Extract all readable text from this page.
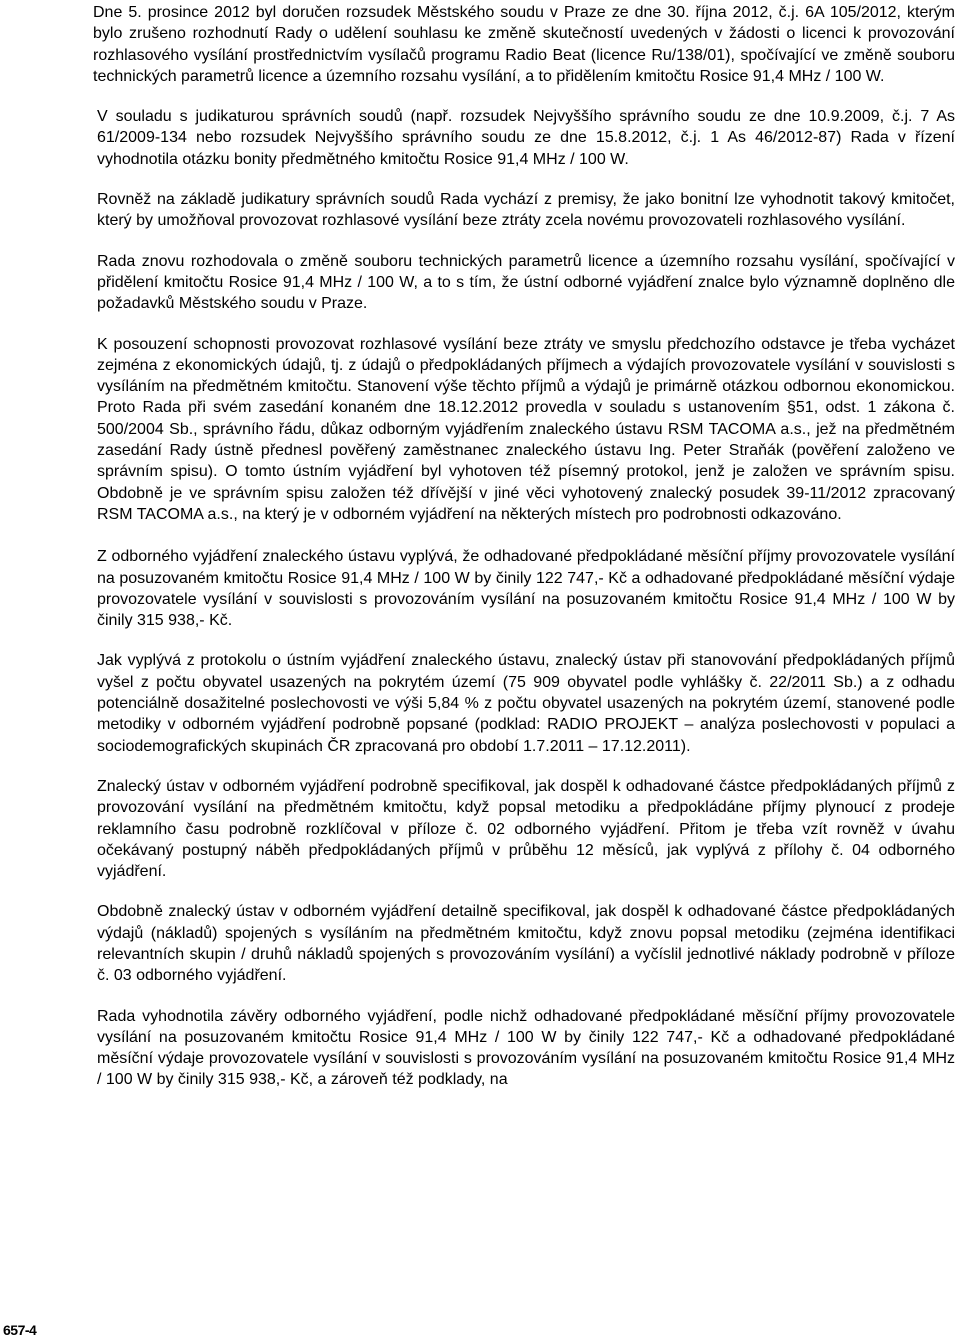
Dne 5. prosince 2012 byl doručen rozsudek Městského soudu v Praze ze dne 30. října 2012, č.j. 6A 105/2012, kterým bylo zrušeno rozhodnutí Rady o udělení souhlasu ke změně skutečností uvedených v žádosti o licenci k provozování rozhlasového vysílání prostřednictvím vysílačů programu Radio Beat (licence Ru/138/01), spočívající ve změně souboru technických parametrů licence a územního rozsahu vysílání, a to přidělením kmitočtu Rosice 91,4 MHz / 100 W.

V souladu s judikaturou správních soudů (např. rozsudek Nejvyššího správního soudu ze dne 10.9.2009, č.j. 7 As 61/2009-134 nebo rozsudek Nejvyššího správního soudu ze dne 15.8.2012, č.j. 1 As 46/2012-87) Rada v řízení vyhodnotila otázku bonity předmětného kmitočtu Rosice 91,4 MHz / 100 W.

Rovněž na základě judikatury správních soudů Rada vychází z premisy, že jako bonitní lze vyhodnotit takový kmitočet, který by umožňoval provozovat rozhlasové vysílání beze ztráty zcela novému provozovateli rozhlasového vysílání.

Rada znovu rozhodovala o změně souboru technických parametrů licence a územního rozsahu vysílání, spočívající v přidělení kmitočtu Rosice 91,4 MHz / 100 W, a to s tím, že ústní odborné vyjádření znalce bylo významně doplněno dle požadavků Městského soudu v Praze.

K posouzení schopnosti provozovat rozhlasové vysílání beze ztráty ve smyslu předchozího odstavce je třeba vycházet zejména z ekonomických údajů, tj. z údajů o předpokládaných příjmech a výdajích provozovatele vysílání v souvislosti s vysíláním na předmětném kmitočtu. Stanovení výše těchto příjmů a výdajů je primárně otázkou odbornou ekonomickou. Proto Rada při svém zasedání konaném dne 18.12.2012 provedla v souladu s ustanovením §51, odst. 1 zákona č. 500/2004 Sb., správního řádu, důkaz odborným vyjádřením znaleckého ústavu RSM TACOMA a.s., jež na předmětném zasedání Rady ústně přednesl pověřený zaměstnanec znaleckého ústavu Ing. Peter Straňák (pověření založeno ve správním spisu). O tomto ústním vyjádření byl vyhotoven též písemný protokol, jenž je založen ve správním spisu. Obdobně je ve správním spisu založen též dřívější v jiné věci vyhotovený znalecký posudek 39-11/2012 zpracovaný RSM TACOMA a.s., na který je v odborném vyjádření na některých místech pro podrobnosti odkazováno.

Z odborného vyjádření znaleckého ústavu vyplývá, že odhadované předpokládané měsíční příjmy provozovatele vysílání na posuzovaném kmitočtu Rosice 91,4 MHz / 100 W by činily 122 747,- Kč a odhadované předpokládané měsíční výdaje provozovatele vysílání v souvislosti s provozováním vysílání na posuzovaném kmitočtu Rosice 91,4 MHz / 100 W by činily 315 938,- Kč.

Jak vyplývá z protokolu o ústním vyjádření znaleckého ústavu, znalecký ústav při stanovování předpokládaných příjmů vyšel z počtu obyvatel usazených na pokrytém území (75 909 obyvatel podle vyhlášky č. 22/2011 Sb.) a z odhadu potenciálně dosažitelné poslechovosti ve výši 5,84 % z počtu obyvatel usazených na pokrytém území, stanovené podle metodiky v odborném vyjádření podrobně popsané (podklad: RADIO PROJEKT – analýza poslechovosti v populaci a sociodemografických skupinách ČR zpracovaná pro období 1.7.2011 – 17.12.2011).

Znalecký ústav v odborném vyjádření podrobně specifikoval, jak dospěl k odhadované částce předpokládaných příjmů z provozování vysílání na předmětném kmitočtu, když popsal metodiku a předpokládáne příjmy plynoucí z prodeje reklamního času podrobně rozklíčoval v příloze č. 02 odborného vyjádření. Přitom je třeba vzít rovněž v úvahu očekávaný postupný náběh předpokládaných příjmů v průběhu 12 měsíců, jak vyplývá z přílohy č. 04 odborného vyjádření.

Obdobně znalecký ústav v odborném vyjádření detailně specifikoval, jak dospěl k odhadované částce předpokládaných výdajů (nákladů) spojených s vysíláním na předmětném kmitočtu, když znovu popsal metodiku (zejména identifikaci relevantních skupin / druhů nákladů spojených s provozováním vysílání) a vyčíslil jednotlivé náklady podrobně v příloze č. 03 odborného vyjádření.

Rada vyhodnotila závěry odborného vyjádření, podle nichž odhadované předpokládané měsíční příjmy provozovatele vysílání na posuzovaném kmitočtu Rosice 91,4 MHz / 100 W by činily 122 747,- Kč a odhadované předpokládané měsíční výdaje provozovatele vysílání v souvislosti s provozováním vysílání na posuzovaném kmitočtu Rosice 91,4 MHz / 100 W by činily 315 938,- Kč, a zároveň též podklady, na

657-4
